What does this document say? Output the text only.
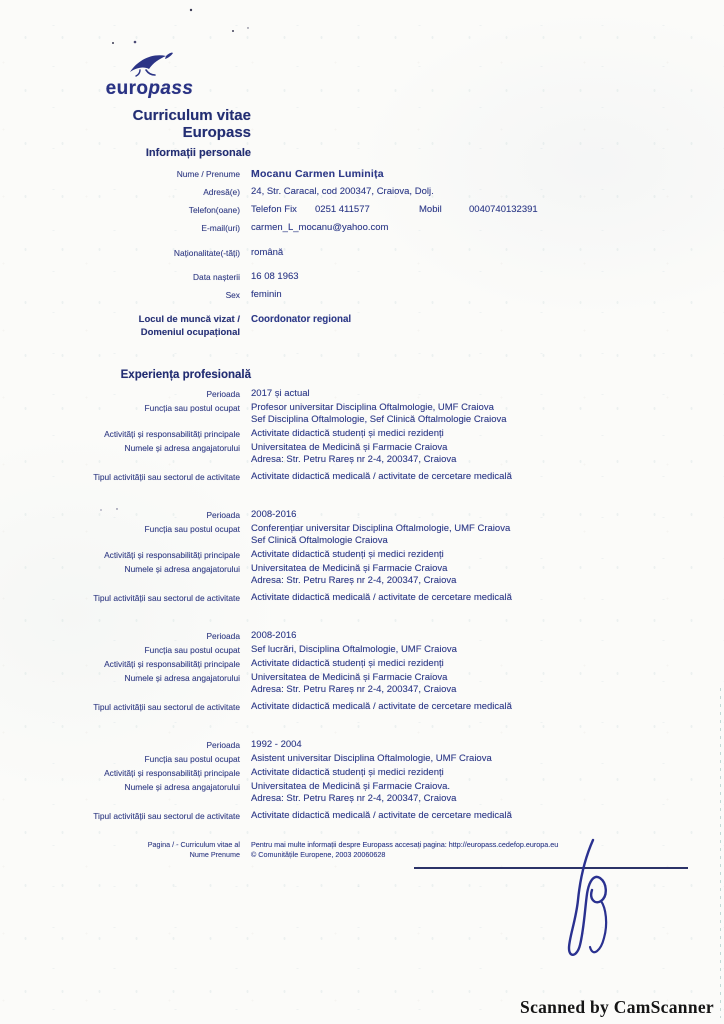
europass
Curriculum vitae
Europass
Informații personale
Nume / Prenume	Mocanu Carmen Luminița
Adresă(e)	24, Str. Caracal, cod 200347, Craiova, Dolj.
Telefon(oane)	Telefon Fix	0251 411577	Mobil	0040740132391
E-mail(uri)	carmen_L_mocanu@yahoo.com
Naționalitate(-tăți)	română
Data nașterii	16 08 1963
Sex	feminin
Locul de muncă vizat /
Domeniul ocupațional
Coordonator regional
Experiența profesională
Perioada	2017 și actual
Funcția sau postul ocupat	Profesor universitar Disciplina Oftalmologie, UMF Craiova
Sef Disciplina Oftalmologie, Sef Clinică Oftalmologie Craiova
Activități și responsabilități principale	Activitate didactică studenți și medici rezidenți
Numele și adresa angajatorului	Universitatea de Medicină și Farmacie Craiova
Adresa: Str. Petru Rareș nr 2-4, 200347, Craiova
Tipul activității sau sectorul de activitate	Activitate didactică medicală / activitate de cercetare medicală
Perioada	2008-2016
Funcția sau postul ocupat	Conferențiar universitar Disciplina Oftalmologie, UMF Craiova
Sef Clinică Oftalmologie Craiova
Activități și responsabilități principale	Activitate didactică studenți și medici rezidenți
Numele și adresa angajatorului	Universitatea de Medicină și Farmacie Craiova
Adresa: Str. Petru Rareș nr 2-4, 200347, Craiova
Tipul activității sau sectorul de activitate	Activitate didactică medicală / activitate de cercetare medicală
Perioada	2008-2016
Funcția sau postul ocupat	Sef lucrări, Disciplina Oftalmologie, UMF Craiova
Activități și responsabilități principale	Activitate didactică studenți și medici rezidenți
Numele și adresa angajatorului	Universitatea de Medicină și Farmacie Craiova
Adresa: Str. Petru Rareș nr 2-4, 200347, Craiova
Tipul activității sau sectorul de activitate	Activitate didactică medicală / activitate de cercetare medicală
Perioada	1992 - 2004
Funcția sau postul ocupat	Asistent universitar Disciplina Oftalmologie, UMF Craiova
Activități și responsabilități principale	Activitate didactică studenți și medici rezidenți
Numele și adresa angajatorului	Universitatea de Medicină și Farmacie Craiova.
Adresa: Str. Petru Rareș nr 2-4, 200347, Craiova
Tipul activității sau sectorul de activitate	Activitate didactică medicală / activitate de cercetare medicală
Pagina / - Curriculum vitae al
Nume Prenume
Pentru mai multe informații despre Europass accesați pagina: http://europass.cedefop.europa.eu
© Comunitățile Europene, 2003 20060628
Scanned by CamScanner
